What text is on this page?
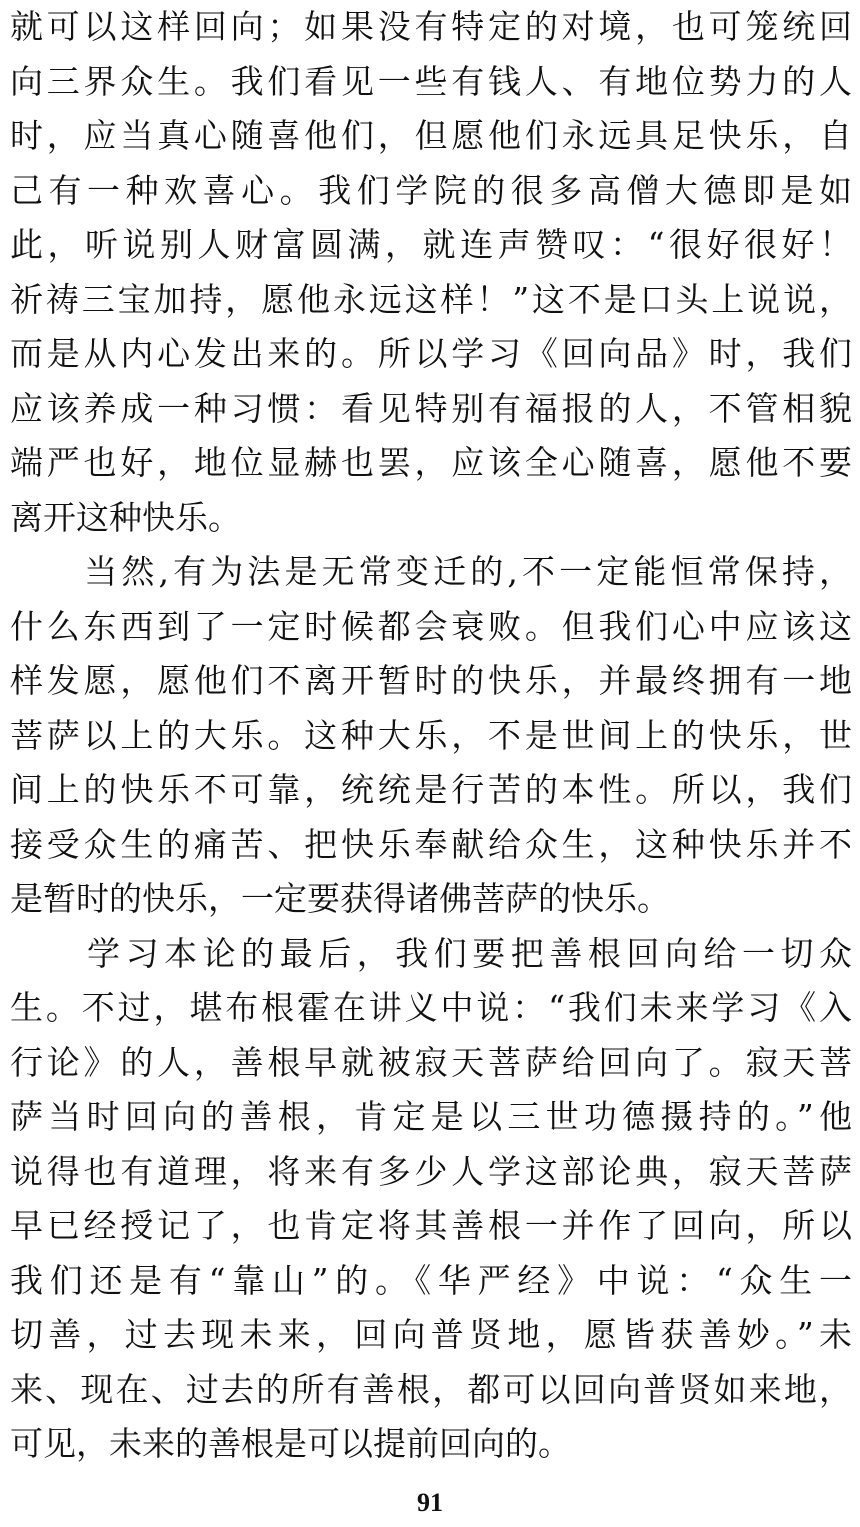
就可以这样回向；如果没有特定的对境，也可笼统回
向三界众生。我们看见一些有钱人、有地位势力的人
时，应当真心随喜他们，但愿他们永远具足快乐，自
己有一种欢喜心。我们学院的很多高僧大德即是如
此，听说别人财富圆满，就连声赞叹：“很好很好！
祈祷三宝加持，愿他永远这样！”这不是口头上说说，
而是从内心发出来的。所以学习《回向品》时，我们
应该养成一种习惯：看见特别有福报的人，不管相貌
端严也好，地位显赫也罢，应该全心随喜，愿他不要
离开这种快乐。
　　当然,有为法是无常变迁的,不一定能恒常保持，
什么东西到了一定时候都会衰败。但我们心中应该这
样发愿，愿他们不离开暂时的快乐，并最终拥有一地
菩萨以上的大乐。这种大乐，不是世间上的快乐，世
间上的快乐不可靠，统统是行苦的本性。所以，我们
接受众生的痛苦、把快乐奉献给众生，这种快乐并不
是暂时的快乐，一定要获得诸佛菩萨的快乐。
　　学习本论的最后，我们要把善根回向给一切众
生。不过，堪布根霍在讲义中说：“我们未来学习《入
行论》的人，善根早就被寂天菩萨给回向了。寂天菩
萨当时回向的善根，肯定是以三世功德摄持的。”他
说得也有道理，将来有多少人学这部论典，寂天菩萨
早已经授记了，也肯定将其善根一并作了回向，所以
我们还是有“靠山”的。《华严经》中说：“众生一
切善，过去现未来，回向普贤地，愿皆获善妙。”未
来、现在、过去的所有善根，都可以回向普贤如来地，
可见，未来的善根是可以提前回向的。
91
